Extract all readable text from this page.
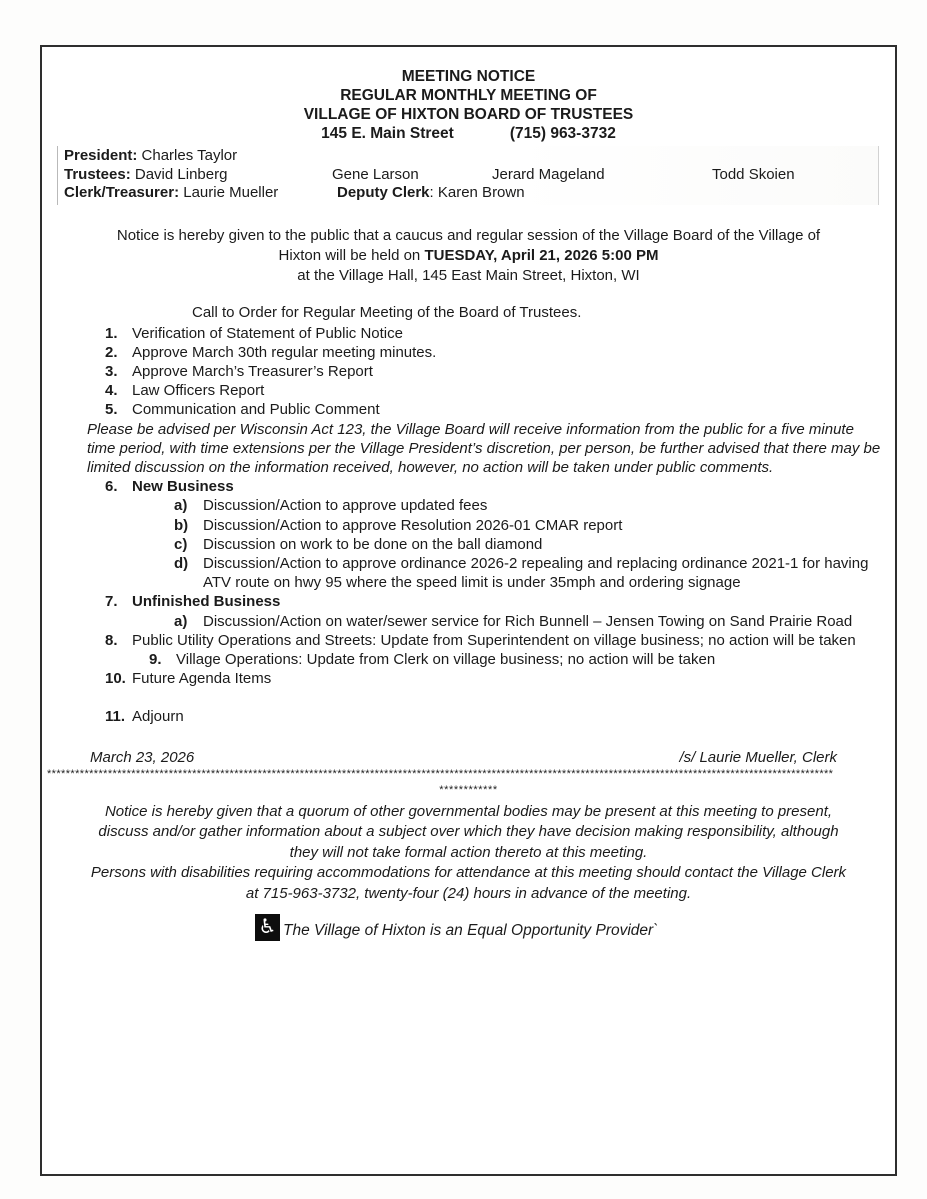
MEETING NOTICE
REGULAR MONTHLY MEETING OF
VILLAGE OF HIXTON BOARD OF TRUSTEES
145 E. Main Street	(715) 963-3732
President: Charles Taylor
Trustees: David Linberg	Gene Larson	Jerard Mageland	Todd Skoien
Clerk/Treasurer: Laurie Mueller	Deputy Clerk: Karen Brown
Notice is hereby given to the public that a caucus and regular session of the Village Board of the Village of
Hixton will be held on TUESDAY, April 21, 2026 5:00 PM
at the Village Hall, 145 East Main Street, Hixton, WI
Call to Order for Regular Meeting of the Board of Trustees.
1. Verification of Statement of Public Notice
2. Approve March 30th regular meeting minutes.
3. Approve March’s Treasurer’s Report
4. Law Officers Report
5. Communication and Public Comment
Please be advised per Wisconsin Act 123, the Village Board will receive information from the public for a five minute time period, with time extensions per the Village President’s discretion, per person, be further advised that there may be limited discussion on the information received, however, no action will be taken under public comments.
6. New Business
a)	Discussion/Action to approve updated fees
b) Discussion/Action to approve Resolution 2026-01 CMAR report
c)	Discussion on work to be done on the ball diamond
d) Discussion/Action to approve ordinance 2026-2 repealing and replacing ordinance 2021-1 for having ATV route on hwy 95 where the speed limit is under 35mph and ordering signage
7. Unfinished Business
a)	Discussion/Action on water/sewer service for Rich Bunnell – Jensen Towing on Sand Prairie Road
8. Public Utility Operations and Streets: Update from Superintendent on village business; no action will be taken
9. Village Operations: Update from Clerk on village business; no action will be taken
10. Future Agenda Items
11. Adjourn
March 23, 2026	/s/ Laurie Mueller, Clerk
************************************************************************************************************************************************************************
************
Notice is hereby given that a quorum of other governmental bodies may be present at this meeting to present, discuss and/or gather information about a subject over which they have decision making responsibility, although they will not take formal action thereto at this meeting.
Persons with disabilities requiring accommodations for attendance at this meeting should contact the Village Clerk at 715-963-3732, twenty-four (24) hours in advance of the meeting.
♿ The Village of Hixton is an Equal Opportunity Provider`
